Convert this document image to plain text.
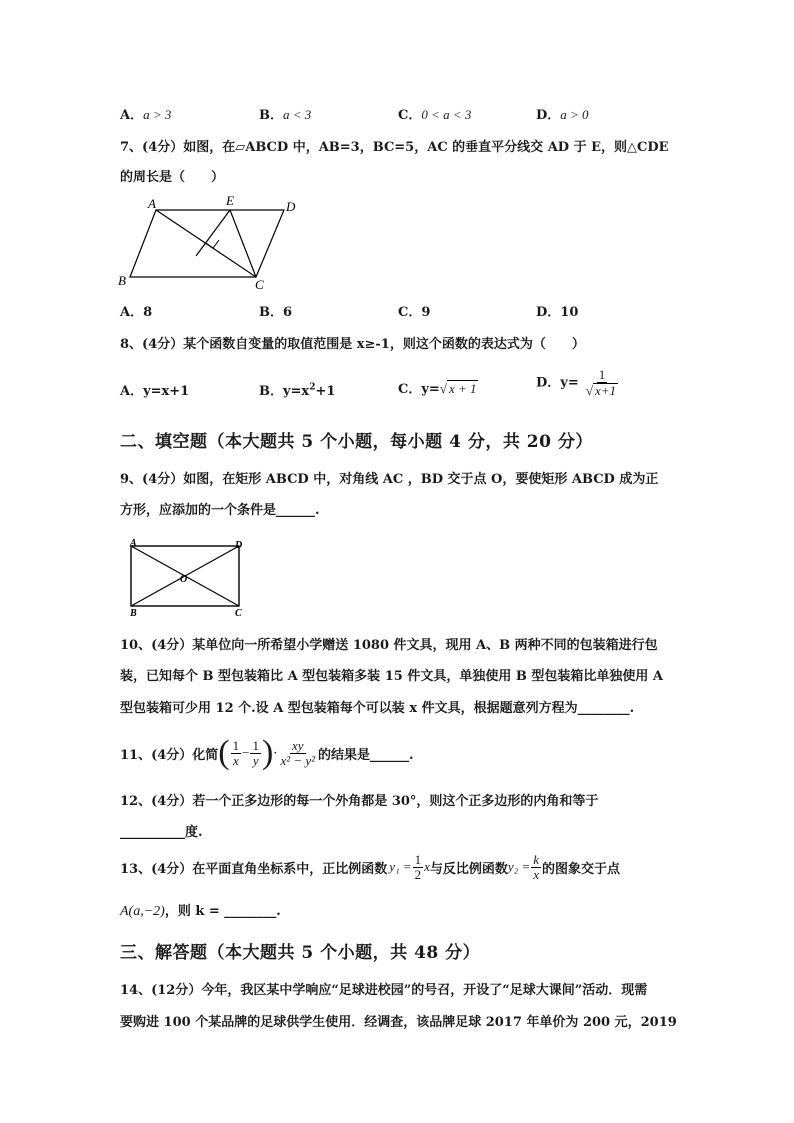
A．a > 3	B．a < 3	C．0 < a < 3	D．a > 0
7、(4分）如图，在▱ABCD 中，AB=3，BC=5，AC 的垂直平分线交 AD 于 E，则△CDE
的周长是（　　）
A	E	D
B	C
A．8	B．6	C．9	D．10
8、(4分）某个函数自变量的取值范围是 x≥-1，则这个函数的表达式为（　　）
A．y=x+1	B．$y=x^2+1$	C．y=√ x + 1	D．$y= \frac{1}{√ x+1}$
二、填空题（本大题共 5 个小题，每小题 4 分，共 20 分）
9、(4分）如图，在矩形 ABCD 中，对角线 AC ，BD 交于点 O，要使矩形 ABCD 成为正
方形，应添加的一个条件是______.
A	D
O
B	C
10、(4分）某单位向一所希望小学赠送 1080 件文具，现用 A、B 两种不同的包装箱进行包
装，已知每个 B 型包装箱比 A 型包装箱多装 15 件文具，单独使用 B 型包装箱比单独使用 A
型包装箱可少用 12 个.设 A 型包装箱每个可以装 x 件文具，根据题意列方程为________.
11、(4分）化简 ( $\frac{1}{x} - \frac{1}{y}$ ) · $\frac{xy}{\text{x² − y²}}$ 的结果是______.
12、(4分）若一个正多边形的每一个外角都是 30°，则这个正多边形的内角和等于
__________度.
13、(4分）在平面直角坐标系中，正比例函数 $y_1 = \frac{1}{2}$ x 与反比例函数 $y_2 = \frac{k}{x}$ 的图象交于点
A(a,−2)，则 k = ________.
三、解答题（本大题共 5 个小题，共 48 分）
14、(12分）今年，我区某中学响应“足球进校园”的号召，开设了“足球大课间”活动．现需
要购进 100 个某品牌的足球供学生使用．经调查，该品牌足球 2017 年单价为 200 元，2019
